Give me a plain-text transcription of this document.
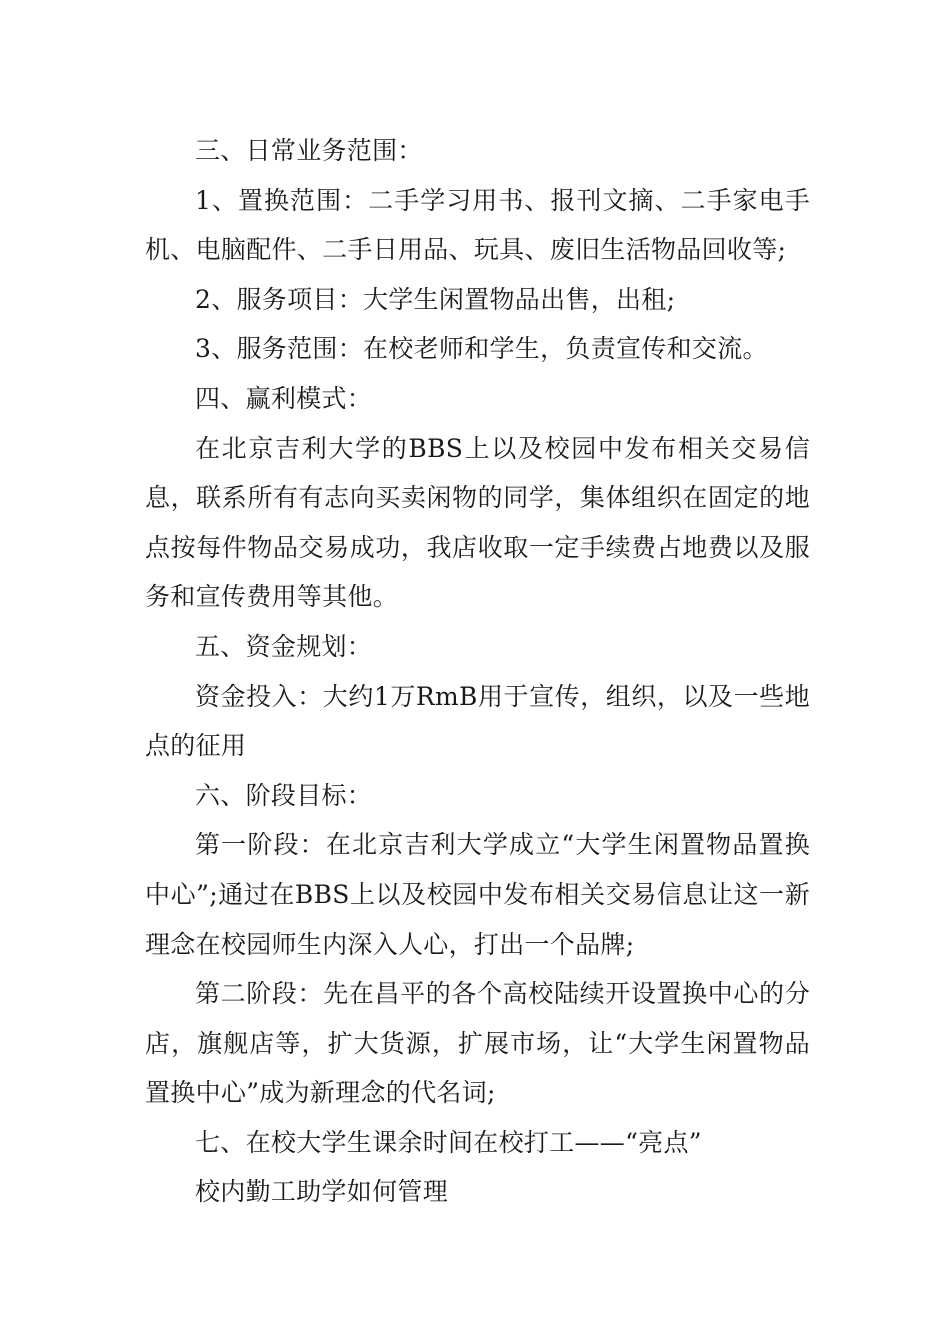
三、日常业务范围：

1、置换范围：二手学习用书、报刊文摘、二手家电手机、电脑配件、二手日用品、玩具、废旧生活物品回收等;

2、服务项目：大学生闲置物品出售，出租;

3、服务范围：在校老师和学生，负责宣传和交流。

四、赢利模式：

在北京吉利大学的BBS上以及校园中发布相关交易信息，联系所有有志向买卖闲物的同学，集体组织在固定的地点按每件物品交易成功，我店收取一定手续费占地费以及服务和宣传费用等其他。

五、资金规划：

资金投入：大约1万RmB用于宣传，组织，以及一些地点的征用

六、阶段目标：

第一阶段：在北京吉利大学成立“大学生闲置物品置换中心”;通过在BBS上以及校园中发布相关交易信息让这一新理念在校园师生内深入人心，打出一个品牌;

第二阶段：先在昌平的各个高校陆续开设置换中心的分店，旗舰店等，扩大货源，扩展市场，让“大学生闲置物品置换中心”成为新理念的代名词;

七、在校大学生课余时间在校打工——“亮点”

校内勤工助学如何管理
